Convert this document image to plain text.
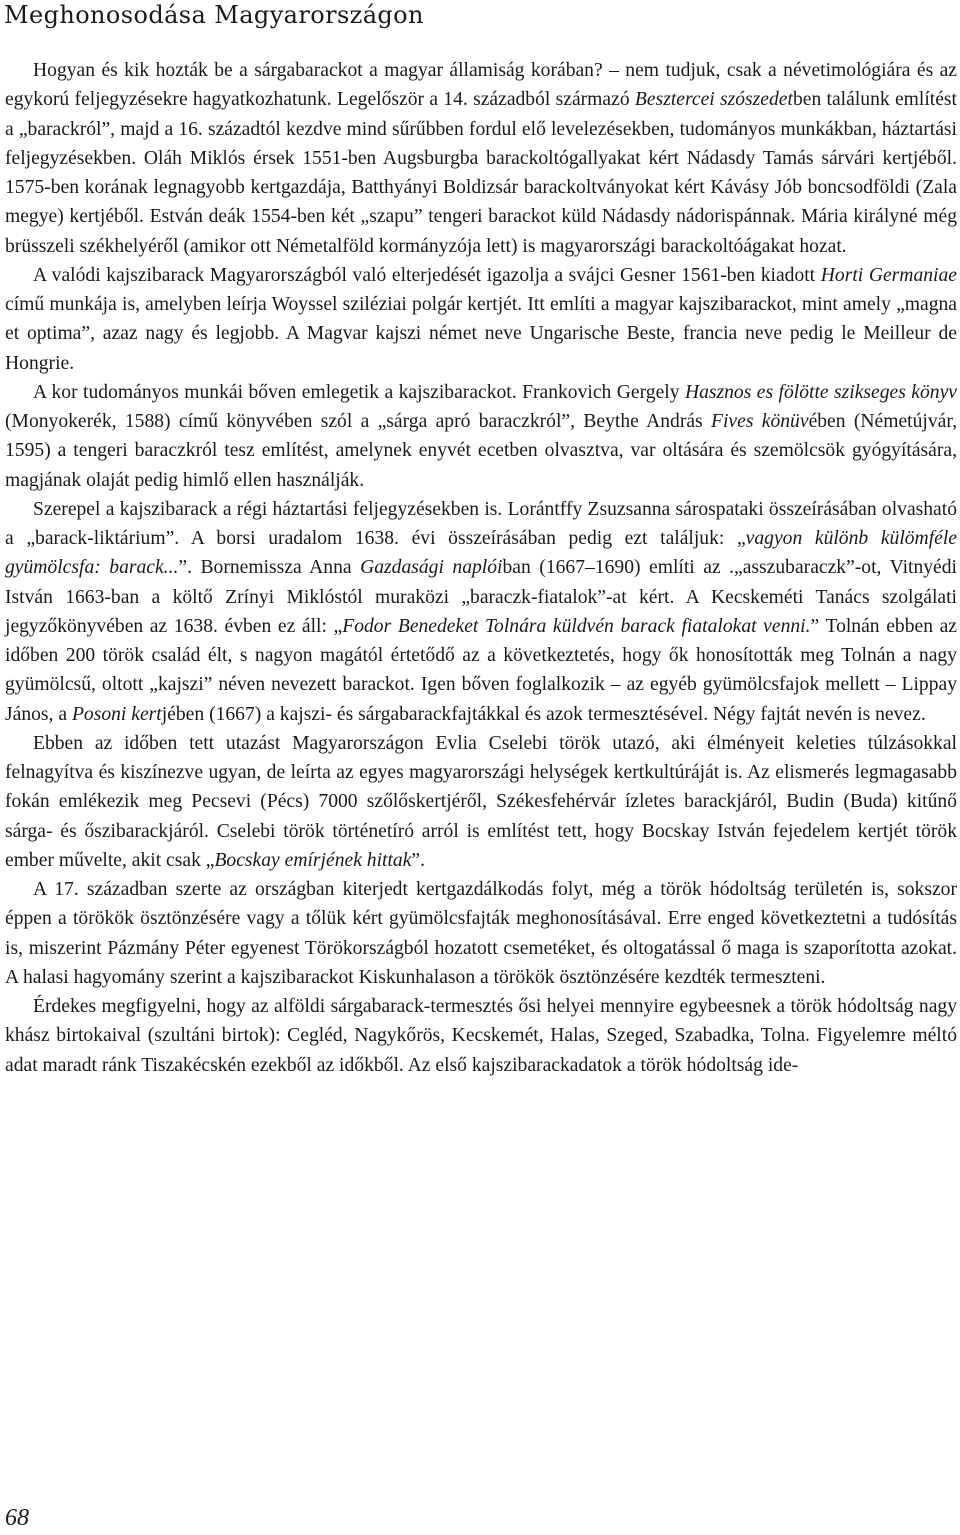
Meghonosodása Magyarországon

Hogyan és kik hozták be a sárgabarackot a magyar államiság korában? – nem tudjuk, csak a névetimológiára és az egykorú feljegyzésekre hagyatkozhatunk. Legelőször a 14. századból származó Besztercei szószedetben találunk említést a „barackról”, majd a 16. századtól kezdve mind sűrűbben fordul elő levelezésekben, tudományos munkákban, háztartási feljegyzésekben. Oláh Miklós érsek 1551-ben Augsburgba barackoltógallyakat kért Nádasdy Tamás sárvári kertjéből. 1575-ben korának legnagyobb kertgazdája, Batthyányi Boldizsár barackoltványokat kért Kávásy Jób boncsodföldi (Zala megye) kertjéből. Estván deák 1554-ben két „szapu” tengeri barackot küld Nádasdy nádorispánnak. Mária királyné még brüsszeli székhelyéről (amikor ott Németalföld kormányzója lett) is magyarországi barackoltóágakat hozat.

A valódi kajszibarack Magyarországból való elterjedését igazolja a svájci Gesner 1561-ben kiadott Horti Germaniae című munkája is, amelyben leírja Woyssel sziléziai polgár kertjét. Itt említi a magyar kajszibarackot, mint amely „magna et optima”, azaz nagy és legjobb. A Magvar kajszi német neve Ungarische Beste, francia neve pedig le Meilleur de Hongrie.

A kor tudományos munkái bőven emlegetik a kajszibarackot. Frankovich Gergely Hasznos es fölötte szikseges könyv (Monyokerék, 1588) című könyvében szól a „sárga apró baraczkról”, Beythe András Fives könüvében (Németújvár, 1595) a tengeri baraczkról tesz említést, amelynek enyvét ecetben olvasztva, var oltására és szemölcsök gyógyítására, magjának olaját pedig himlő ellen használják.

Szerepel a kajszibarack a régi háztartási feljegyzésekben is. Lorántffy Zsuzsanna sárospataki összeírásában olvasható a „barack-liktárium”. A borsi uradalom 1638. évi összeírásában pedig ezt találjuk: „vagyon különb külömféle gyümölcsfa: barack...”. Bornemissza Anna Gazdasági naplóiban (1667–1690) említi az .„asszubaraczk”-ot, Vitnyédi István 1663-ban a költő Zrínyi Miklóstól muraközi „baraczk-fiatalok”-at kért. A Kecskeméti Tanács szolgálati jegyzőkönyvében az 1638. évben ez áll: „Fodor Benedeket Tolnára küldvén barack fiatalokat venni.” Tolnán ebben az időben 200 török család élt, s nagyon magától értetődő az a következtetés, hogy ők honosították meg Tolnán a nagy gyümölcsű, oltott „kajszi” néven nevezett barackot. Igen bőven foglalkozik – az egyéb gyümölcsfajok mellett – Lippay János, a Posoni kertjében (1667) a kajszi- és sárgabarackfajtákkal és azok termesztésével. Négy fajtát nevén is nevez.

Ebben az időben tett utazást Magyarországon Evlia Cselebi török utazó, aki élményeit keleties túlzásokkal felnagyítva és kiszínezve ugyan, de leírta az egyes magyarországi helységek kertkultúráját is. Az elismerés legmagasabb fokán emlékezik meg Pecsevi (Pécs) 7000 szőlőskertjéről, Székesfehérvár ízletes barackjáról, Budin (Buda) kitűnő sárga- és őszibarackjáról. Cselebi török történetíró arról is említést tett, hogy Bocskay István fejedelem kertjét török ember művelte, akit csak „Bocskay emírjének hittak”.

A 17. században szerte az országban kiterjedt kertgazdálkodás folyt, még a török hódoltság területén is, sokszor éppen a törökök ösztönzésére vagy a tőlük kért gyümölcsfajták meghonosításával. Erre enged következtetni a tudósítás is, miszerint Pázmány Péter egyenest Törökországból hozatott csemetéket, és oltogatással ő maga is szaporította azokat. A halasi hagyomány szerint a kajszibarackot Kiskunhalason a törökök ösztönzésére kezdték termeszteni.

Érdekes megfigyelni, hogy az alföldi sárgabarack-termesztés ősi helyei mennyire egybeesnek a török hódoltság nagy khász birtokaival (szultáni birtok): Cegléd, Nagykőrös, Kecskemét, Halas, Szeged, Szabadka, Tolna. Figyelemre méltó adat maradt ránk Tiszakécskén ezekből az időkből. Az első kajszibarackadatok a török hódoltság ide-

68
